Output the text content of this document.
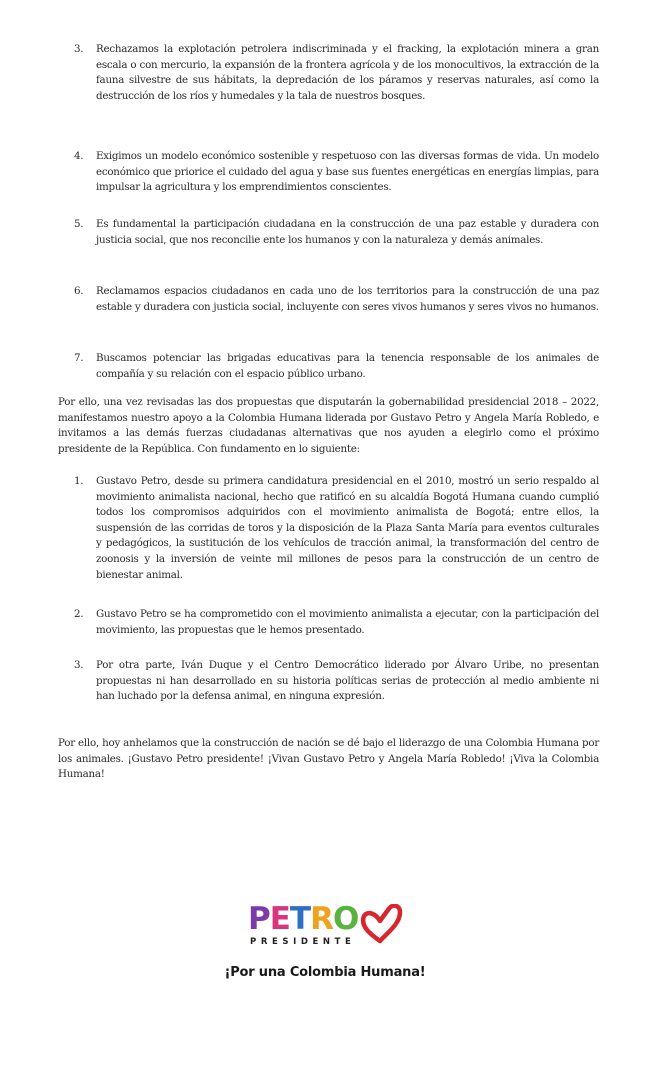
3.	Rechazamos la explotación petrolera indiscriminada y el fracking, la explotación minera a gran escala o con mercurio, la expansión de la frontera agrícola y de los monocultivos, la extracción de la fauna silvestre de sus hábitats, la depredación de los páramos y reservas naturales, así como la destrucción de los ríos y humedales y la tala de nuestros bosques.
4.	Exigimos un modelo económico sostenible y respetuoso con las diversas formas de vida. Un modelo económico que priorice el cuidado del agua y base sus fuentes energéticas en energías limpias, para impulsar la agricultura y los emprendimientos conscientes.
5.	Es fundamental la participación ciudadana en la construcción de una paz estable y duradera con justicia social, que nos reconcilie ente los humanos y con la naturaleza y demás animales.
6.	Reclamamos espacios ciudadanos en cada uno de los territorios para la construcción de una paz estable y duradera con justicia social, incluyente con seres vivos humanos y seres vivos no humanos.
7.	Buscamos potenciar las brigadas educativas para la tenencia responsable de los animales de compañía y su relación con el espacio público urbano.
Por ello, una vez revisadas las dos propuestas que disputarán la gobernabilidad presidencial 2018 – 2022, manifestamos nuestro apoyo a la Colombia Humana liderada por Gustavo Petro y Angela María Robledo, e invitamos a las demás fuerzas ciudadanas alternativas que nos ayuden a elegirlo como el próximo presidente de la República. Con fundamento en lo siguiente:
1.	Gustavo Petro, desde su primera candidatura presidencial en el 2010, mostró un serio respaldo al movimiento animalista nacional, hecho que ratificó en su alcaldía Bogotá Humana cuando cumplió todos los compromisos adquiridos con el movimiento animalista de Bogotá; entre ellos, la suspensión de las corridas de toros y la disposición de la Plaza Santa María para eventos culturales y pedagógicos, la sustitución de los vehículos de tracción animal, la transformación del centro de zoonosis y la inversión de veinte mil millones de pesos para la construcción de un centro de bienestar animal.
2.	Gustavo Petro se ha comprometido con el movimiento animalista a ejecutar, con la participación del movimiento, las propuestas que le hemos presentado.
3.	Por otra parte, Iván Duque y el Centro Democrático liderado por Álvaro Uribe, no presentan propuestas ni han desarrollado en su historia políticas serias de protección al medio ambiente ni han luchado por la defensa animal, en ninguna expresión.
Por ello, hoy anhelamos que la construcción de nación se dé bajo el liderazgo de una Colombia Humana por los animales. ¡Gustavo Petro presidente! ¡Vivan Gustavo Petro y Angela María Robledo! ¡Viva la Colombia Humana!
PETRO
PRESIDENTE
¡Por una Colombia Humana!
